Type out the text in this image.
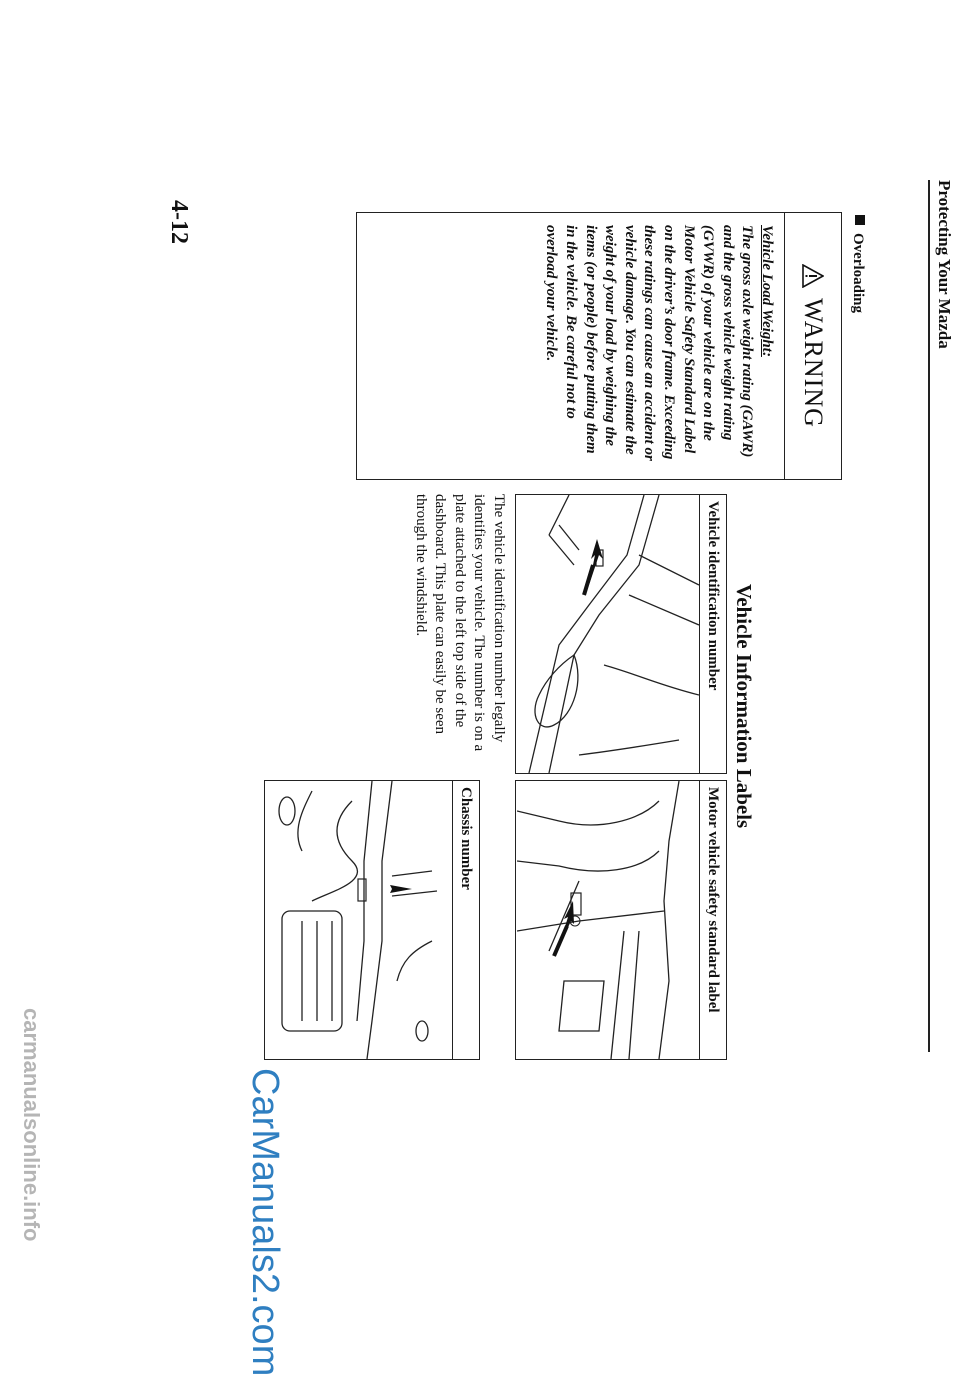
Protecting Your Mazda
4-12
Overloading
WARNING
Vehicle Load Weight:
The gross axle weight rating (GAWR) and the gross vehicle weight rating (GVWR) of your vehicle are on the Motor Vehicle Safety Standard Label on the driver’s door frame. Exceeding these ratings can cause an accident or vehicle damage. You can estimate the weight of your load by weighing the items (or people) before putting them in the vehicle. Be careful not to overload your vehicle.
Vehicle Information Labels
Vehicle identification number
The vehicle identification number legally identifies your vehicle. The number is on a plate attached to the left top side of the dashboard. This plate can easily be seen through the windshield.
Motor vehicle safety standard label
Chassis number
CarManuals2.com
carmanualsonline.info
